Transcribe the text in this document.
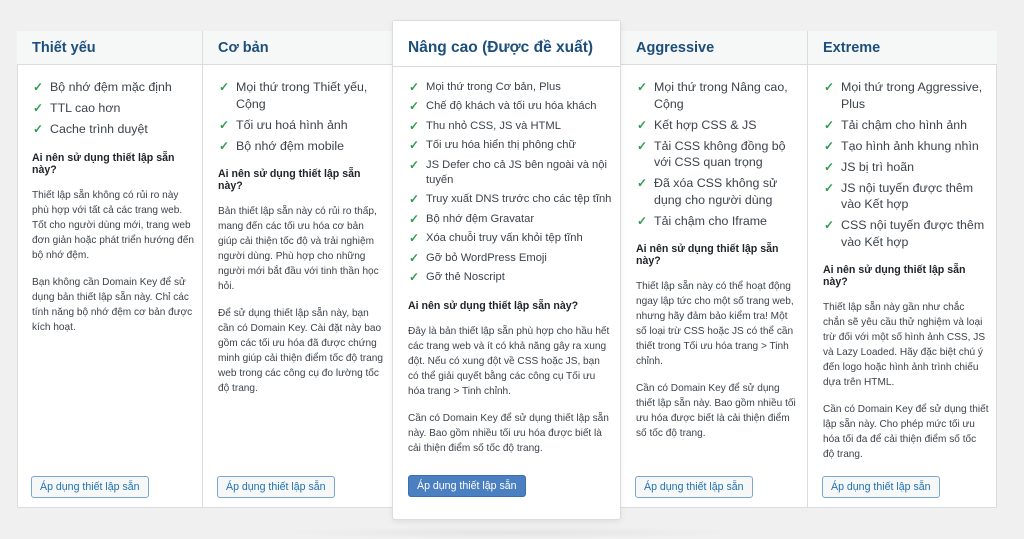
Thiết yếu
✓ Bộ nhớ đệm mặc định
✓ TTL cao hơn
✓ Cache trình duyệt
Ai nên sử dụng thiết lập sẵn này?
Thiết lập sẵn không có rủi ro này phù hợp với tất cả các trang web. Tốt cho người dùng mới, trang web đơn giản hoặc phát triển hướng đến bộ nhớ đệm.
Bạn không cần Domain Key để sử dụng bản thiết lập sẵn này. Chỉ các tính năng bộ nhớ đệm cơ bản được kích hoạt.
Áp dụng thiết lập sẵn
Cơ bản
✓ Mọi thứ trong Thiết yếu, Cộng
✓ Tối ưu hoá hình ảnh
✓ Bộ nhớ đệm mobile
Ai nên sử dụng thiết lập sẵn này?
Bản thiết lập sẵn này có rủi ro thấp, mang đến các tối ưu hóa cơ bản giúp cải thiện tốc độ và trải nghiệm người dùng. Phù hợp cho những người mới bắt đầu với tinh thần học hỏi.
Để sử dụng thiết lập sẵn này, bạn cần có Domain Key. Cài đặt này bao gồm các tối ưu hóa đã được chứng minh giúp cải thiện điểm tốc độ trang web trong các công cụ đo lường tốc độ trang.
Áp dụng thiết lập sẵn
Nâng cao (Được đề xuất)
✓ Mọi thứ trong Cơ bản, Plus
✓ Chế độ khách và tối ưu hóa khách
✓ Thu nhỏ CSS, JS và HTML
✓ Tối ưu hóa hiển thị phông chữ
✓ JS Defer cho cả JS bên ngoài và nội tuyến
✓ Truy xuất DNS trước cho các tệp tĩnh
✓ Bộ nhớ đệm Gravatar
✓ Xóa chuỗi truy vấn khỏi tệp tĩnh
✓ Gỡ bỏ WordPress Emoji
✓ Gỡ thẻ Noscript
Ai nên sử dụng thiết lập sẵn này?
Đây là bản thiết lập sẵn phù hợp cho hầu hết các trang web và ít có khả năng gây ra xung đột. Nếu có xung đột về CSS hoặc JS, bạn có thể giải quyết bằng các công cụ Tối ưu hóa trang > Tinh chỉnh.
Cần có Domain Key để sử dụng thiết lập sẵn này. Bao gồm nhiều tối ưu hóa được biết là cải thiện điểm số tốc độ trang.
Áp dụng thiết lập sẵn
Aggressive
✓ Mọi thứ trong Nâng cao, Cộng
✓ Kết hợp CSS & JS
✓ Tải CSS không đồng bộ với CSS quan trọng
✓ Đã xóa CSS không sử dụng cho người dùng
✓ Tải chậm cho Iframe
Ai nên sử dụng thiết lập sẵn này?
Thiết lập sẵn này có thể hoạt động ngay lập tức cho một số trang web, nhưng hãy đảm bảo kiểm tra! Một số loại trừ CSS hoặc JS có thể cần thiết trong Tối ưu hóa trang > Tinh chỉnh.
Cần có Domain Key để sử dụng thiết lập sẵn này. Bao gồm nhiều tối ưu hóa được biết là cải thiện điểm số tốc độ trang.
Áp dụng thiết lập sẵn
Extreme
✓ Mọi thứ trong Aggressive, Plus
✓ Tải chậm cho hình ảnh
✓ Tạo hình ảnh khung nhìn
✓ JS bị trì hoãn
✓ JS nội tuyến được thêm vào Kết hợp
✓ CSS nội tuyến được thêm vào Kết hợp
Ai nên sử dụng thiết lập sẵn này?
Thiết lập sẵn này gần như chắc chắn sẽ yêu cầu thử nghiệm và loại trừ đối với một số hình ảnh CSS, JS và Lazy Loaded. Hãy đặc biệt chú ý đến logo hoặc hình ảnh trình chiếu dựa trên HTML.
Cần có Domain Key để sử dụng thiết lập sẵn này. Cho phép mức tối ưu hóa tối đa để cải thiện điểm số tốc độ trang.
Áp dụng thiết lập sẵn
